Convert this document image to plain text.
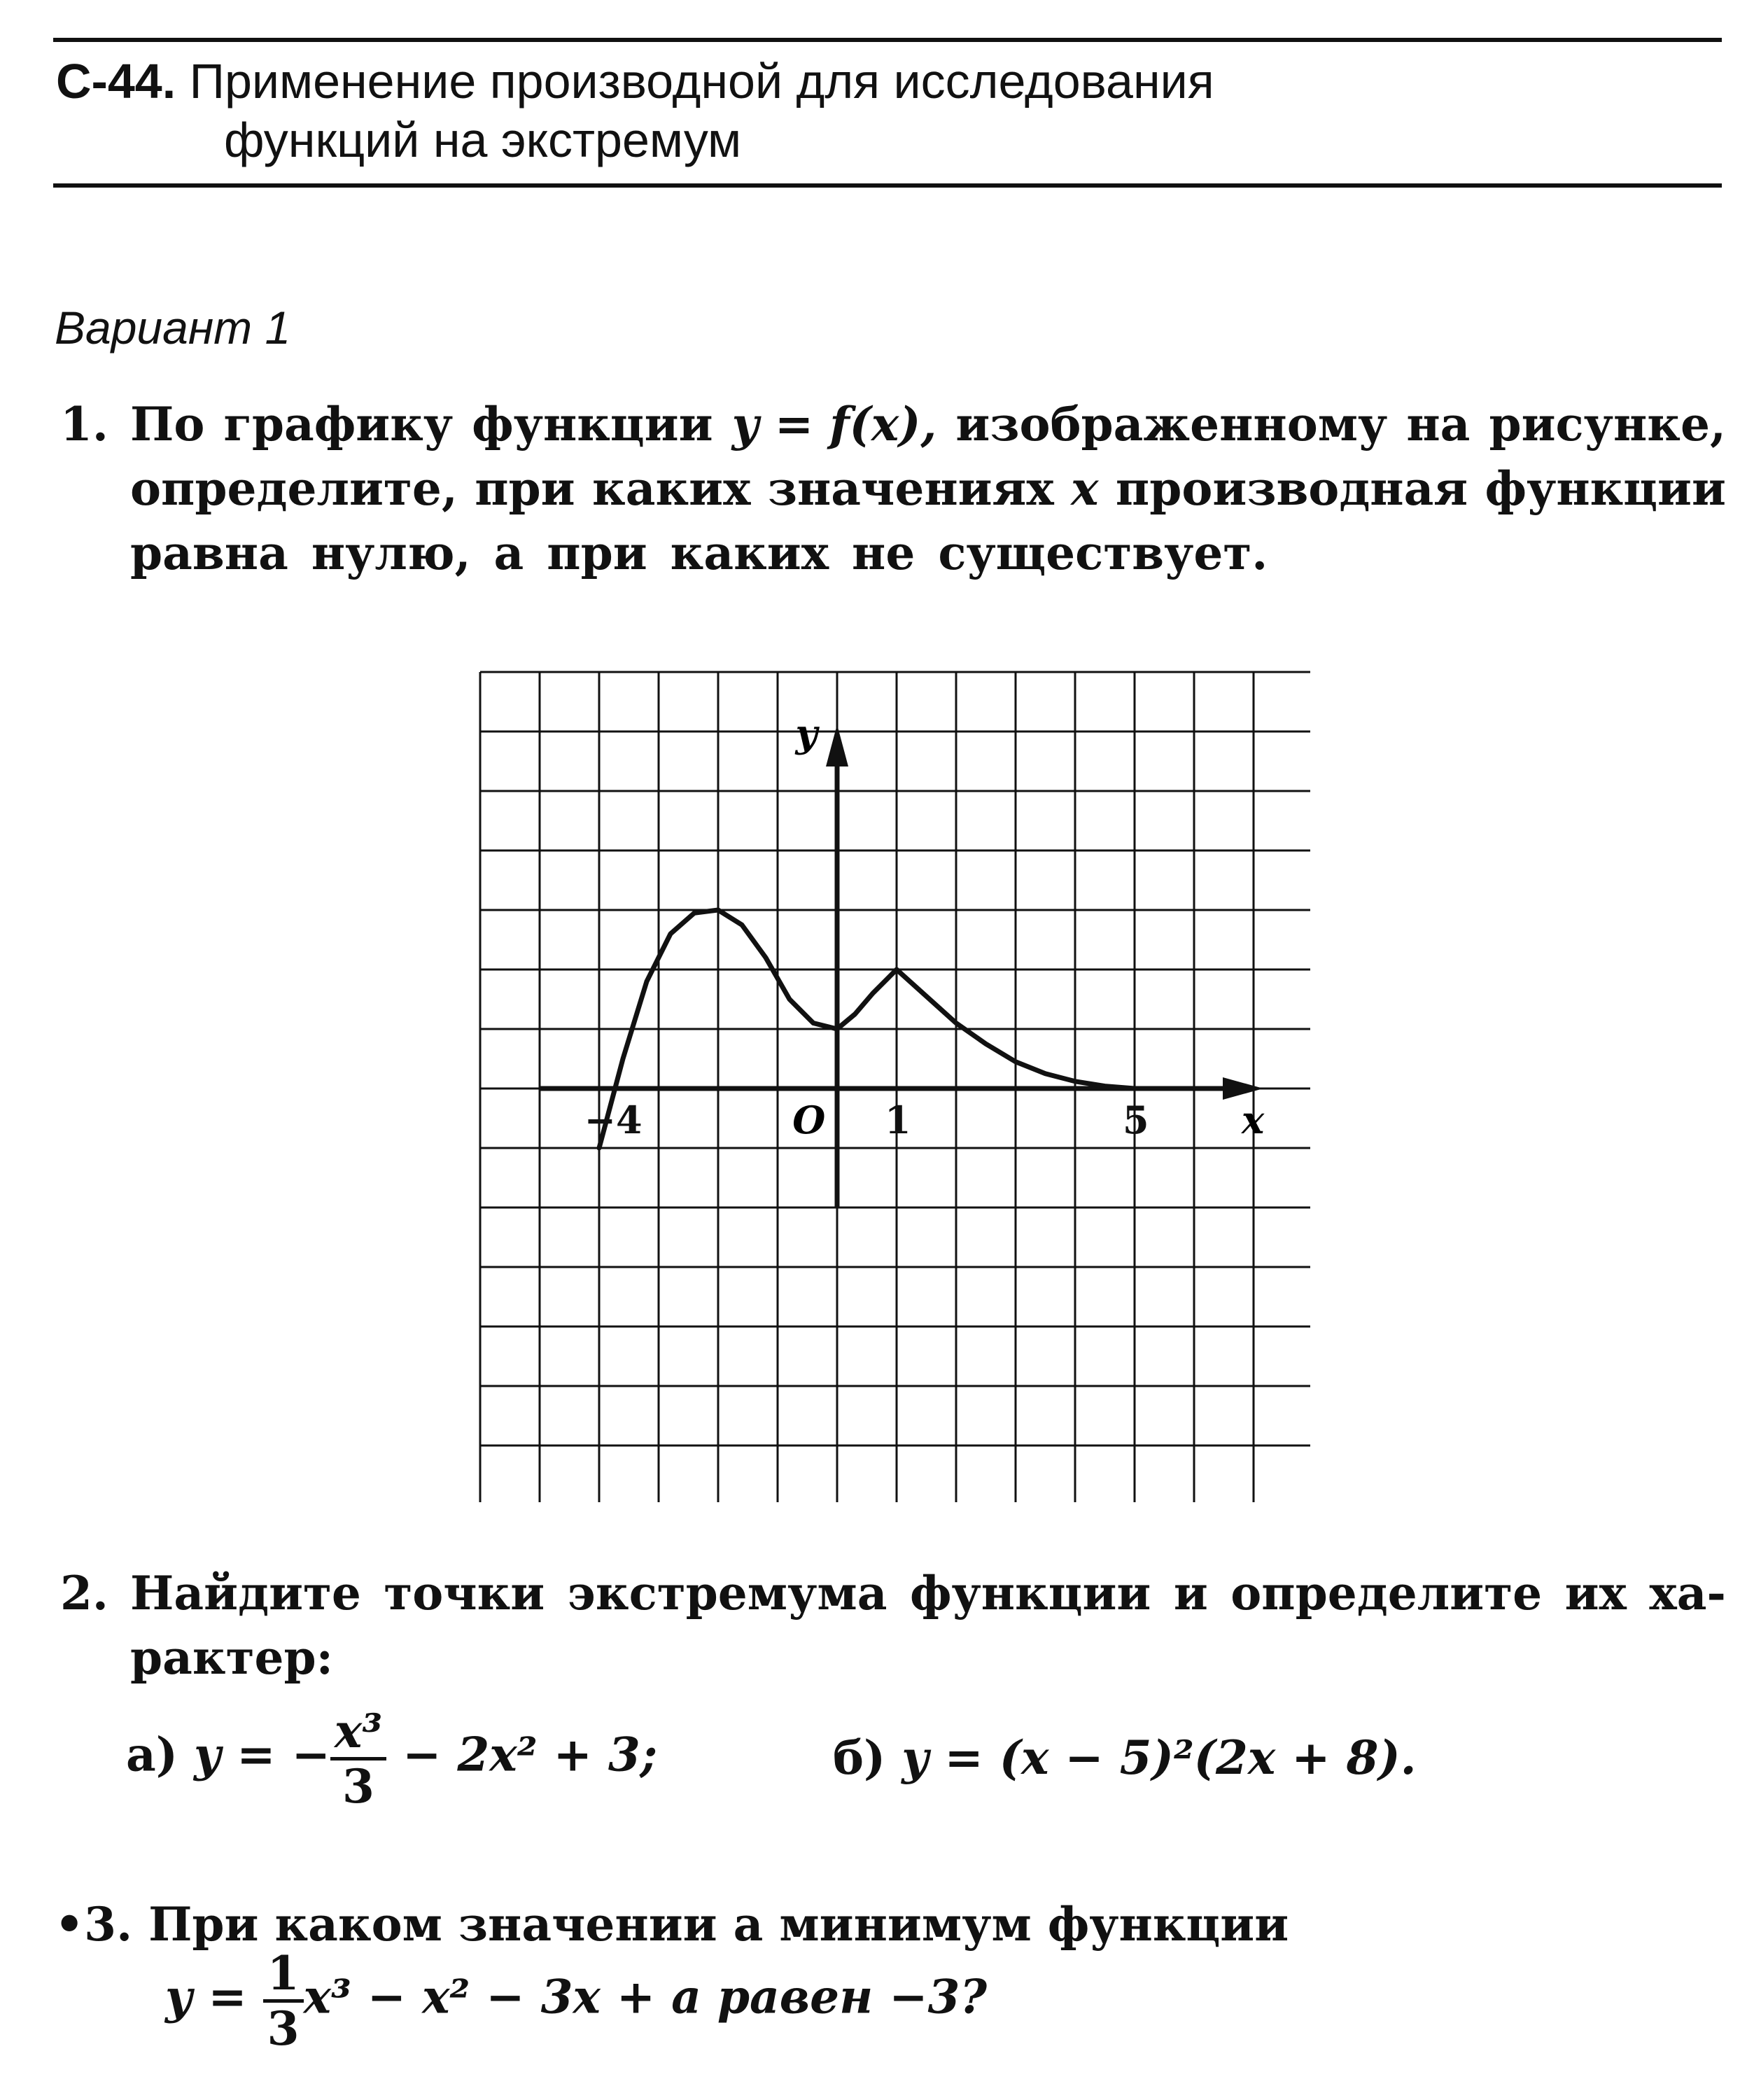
С-44. Применение производной для исследования
функций на экстремум
Вариант 1
1. По графику функции y = f(x), изображенному на рисунке,
определите, при каких значениях x производная функции
равна нулю, а при каких не существует.
x
y
O
−4	1	5
2. Найдите точки экстремума функции и определите их ха-
рактер:
а) y = − $\frac{\text{x³}}{3} - 2x^2 + 3$;	б) y = (x − 5)²(2x + 8).
•3. При каком значении a минимум функции
$y = \frac{1}{3} x^3 - x^2 - 3x + a$ равен −3?
